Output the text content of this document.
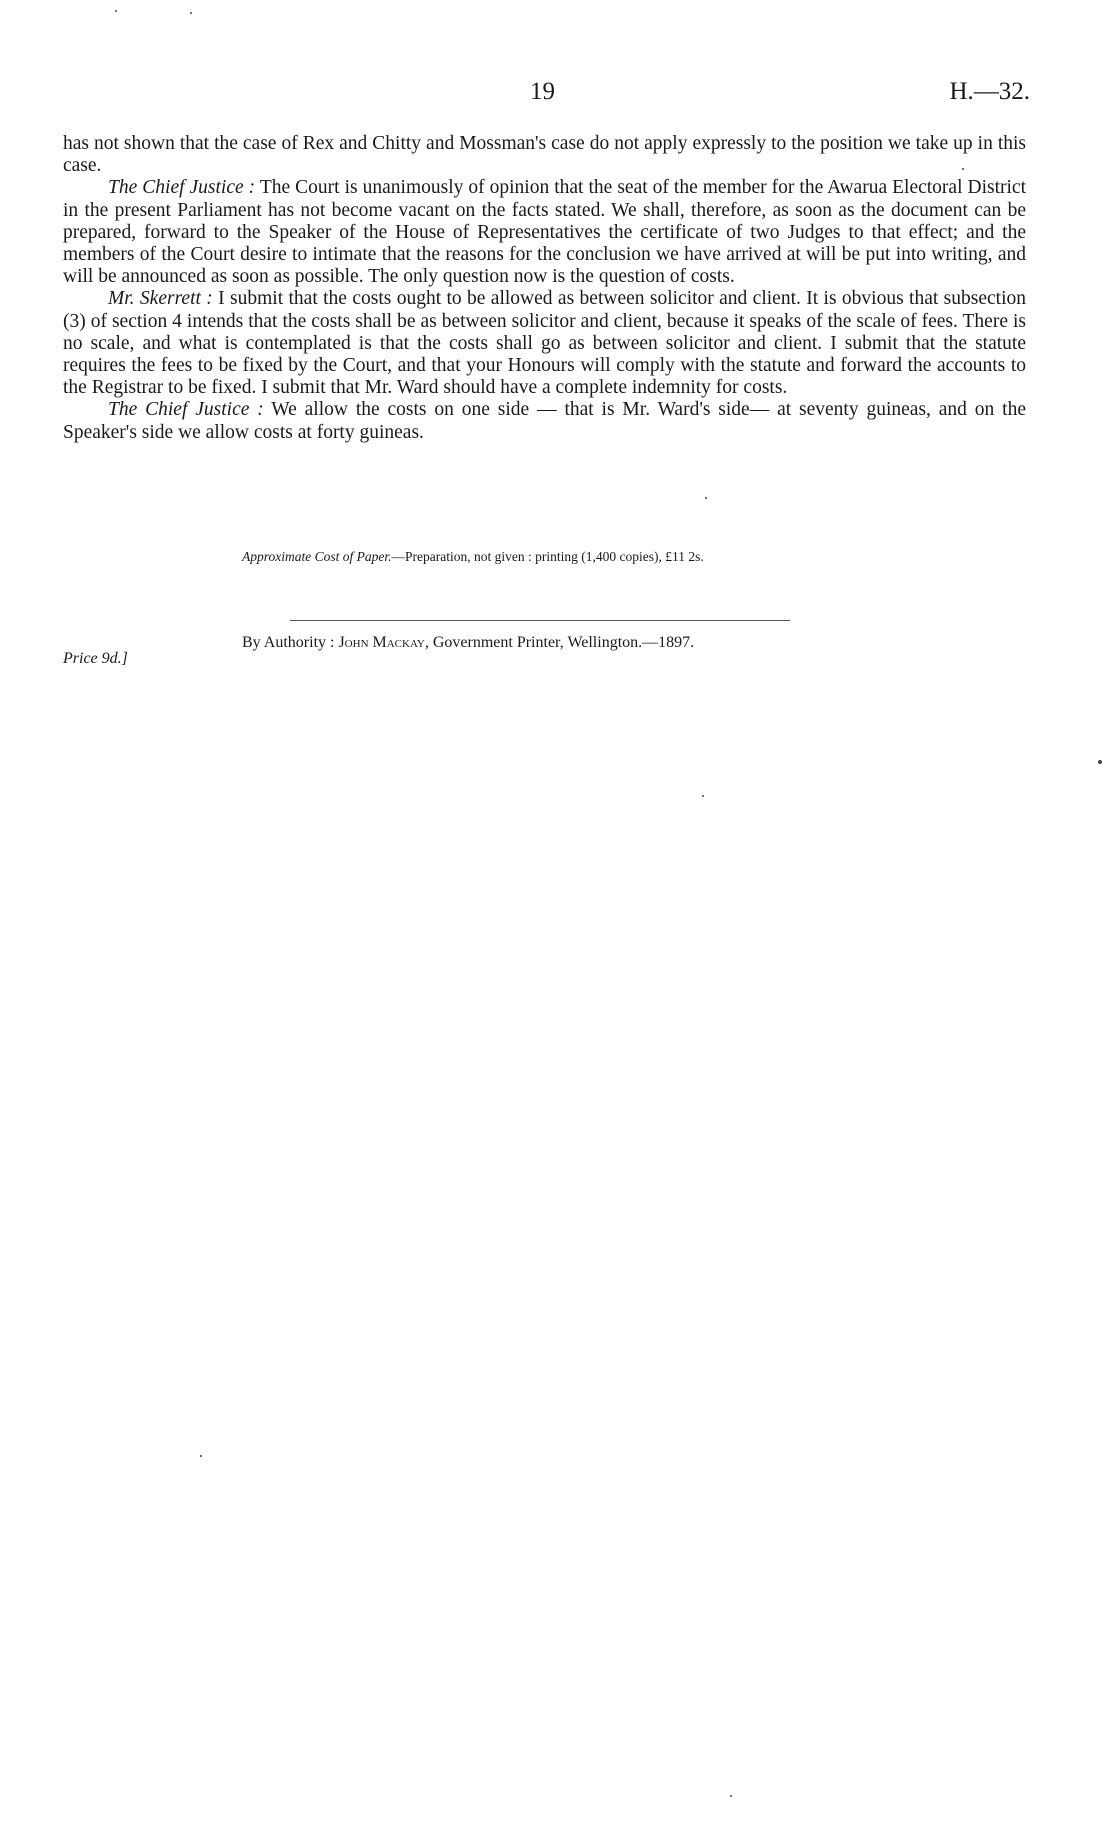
19	H.—32.

has not shown that the case of Rex and Chitty and Mossman's case do not apply expressly to the position we take up in this case.

The Chief Justice : The Court is unanimously of opinion that the seat of the member for the Awarua Electoral District in the present Parliament has not become vacant on the facts stated. We shall, therefore, as soon as the document can be prepared, forward to the Speaker of the House of Representatives the certificate of two Judges to that effect; and the members of the Court desire to intimate that the reasons for the conclusion we have arrived at will be put into writing, and will be announced as soon as possible. The only question now is the question of costs.

Mr. Skerrett : I submit that the costs ought to be allowed as between solicitor and client. It is obvious that subsection (3) of section 4 intends that the costs shall be as between solicitor and client, because it speaks of the scale of fees. There is no scale, and what is contemplated is that the costs shall go as between solicitor and client. I submit that the statute requires the fees to be fixed by the Court, and that your Honours will comply with the statute and forward the accounts to the Registrar to be fixed. I submit that Mr. Ward should have a complete indemnity for costs.

The Chief Justice : We allow the costs on one side — that is Mr. Ward's side— at seventy guineas, and on the Speaker's side we allow costs at forty guineas.

Approximate Cost of Paper.—Preparation, not given : printing (1,400 copies), £11 2s.
Price 9d.]
By Authority : John Mackay, Government Printer, Wellington.—1897.
